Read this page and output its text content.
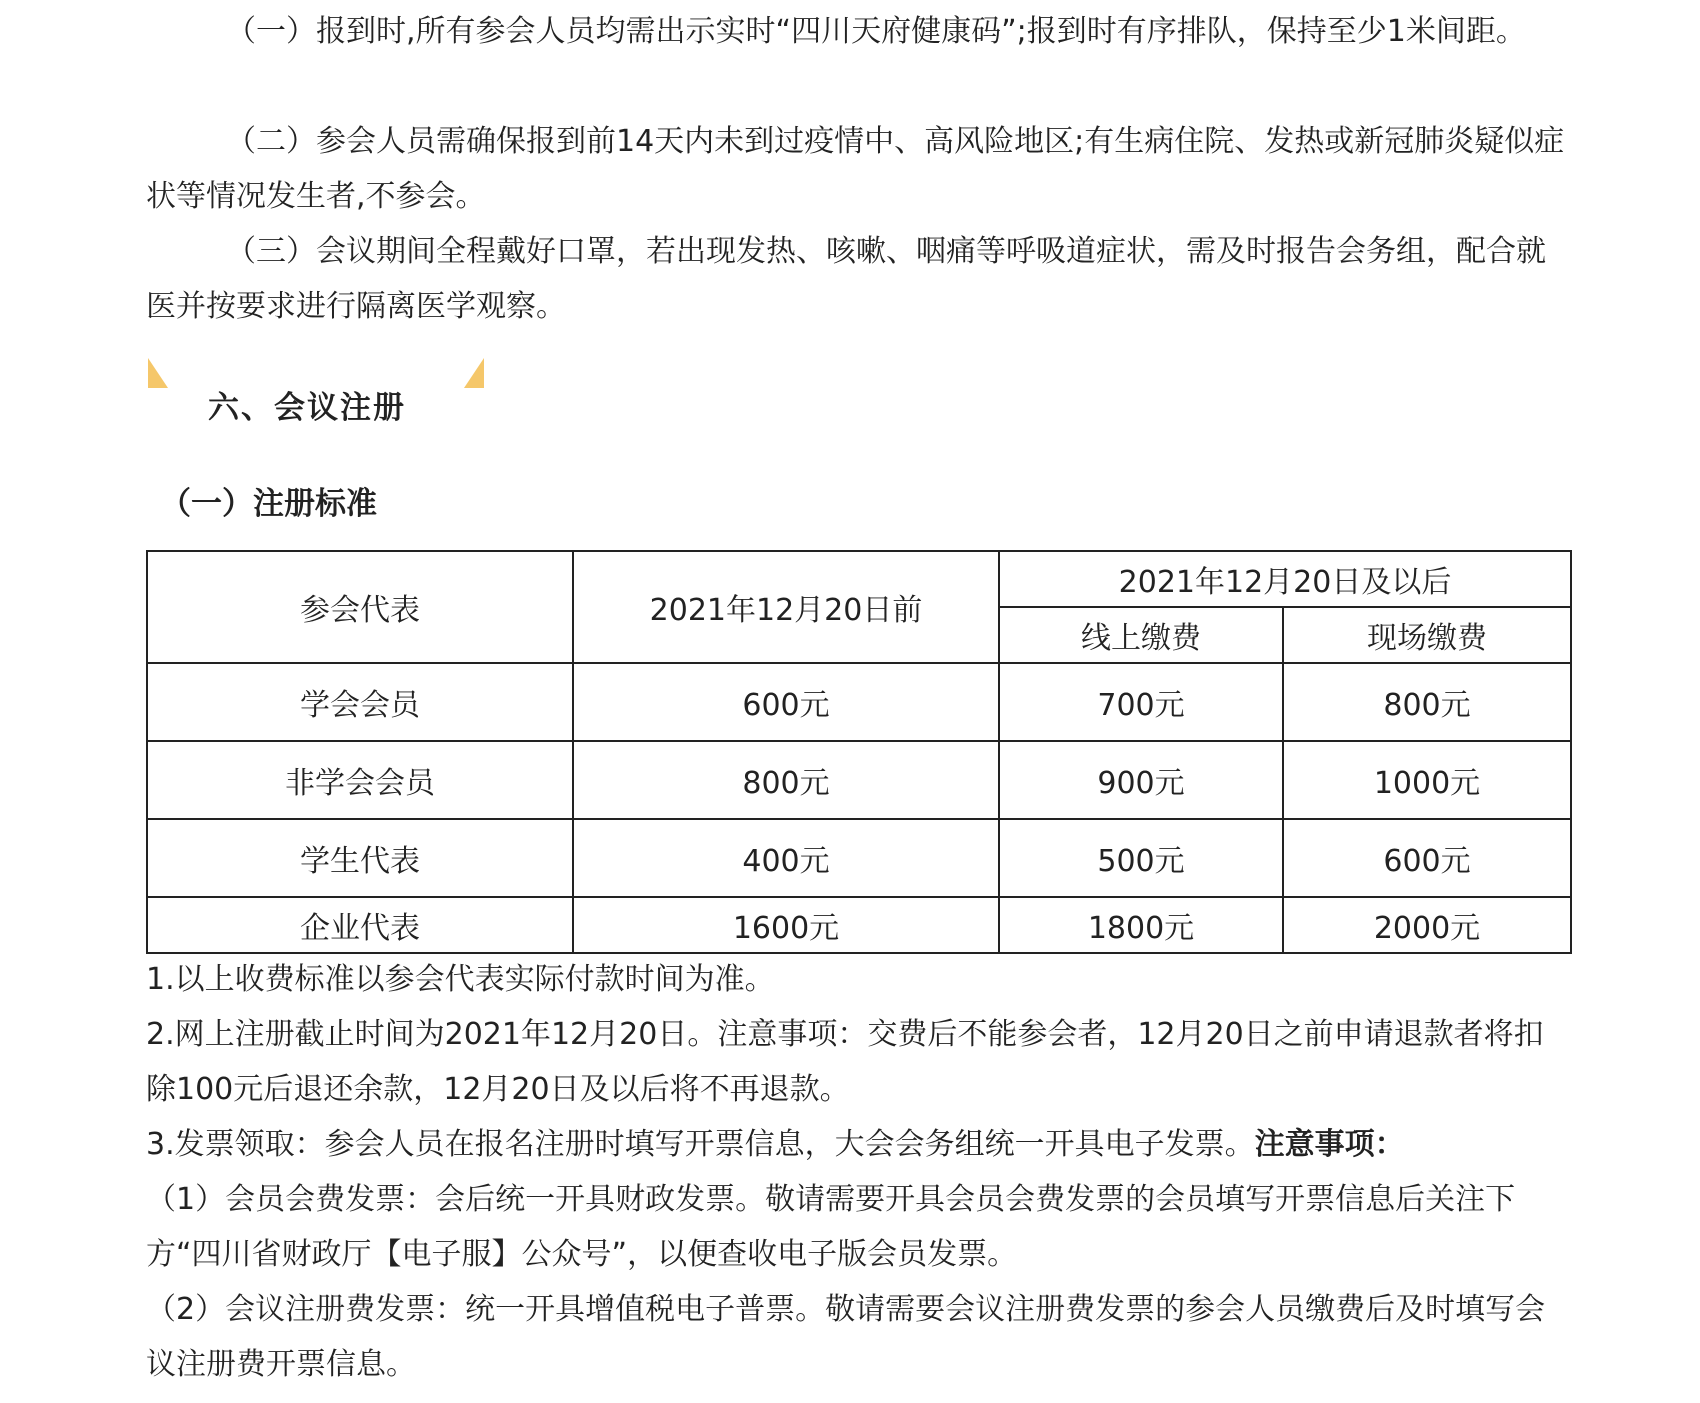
（一）报到时,所有参会人员均需出示实时“四川天府健康码”;报到时有序排队，保持至少1米间距。

（二）参会人员需确保报到前14天内未到过疫情中、高风险地区;有生病住院、发热或新冠肺炎疑似症状等情况发生者,不参会。

（三）会议期间全程戴好口罩，若出现发热、咳嗽、咽痛等呼吸道症状，需及时报告会务组，配合就医并按要求进行隔离医学观察。

六、会议注册
（一）注册标准
参会代表	2021年12月20日前	2021年12月20日及以后	
		线上缴费	现场缴费
学会会员	600元	700元	800元
非学会会员	800元	900元	1000元
学生代表	400元	500元	600元
企业代表	1600元	1800元	2000元

1.以上收费标准以参会代表实际付款时间为准。

2.网上注册截止时间为2021年12月20日。注意事项：交费后不能参会者，12月20日之前申请退款者将扣除100元后退还余款，12月20日及以后将不再退款。

3.发票领取：参会人员在报名注册时填写开票信息，大会会务组统一开具电子发票。注意事项：

（1）会员会费发票：会后统一开具财政发票。敬请需要开具会员会费发票的会员填写开票信息后关注下方“四川省财政厅【电子服】公众号”，以便查收电子版会员发票。

（2）会议注册费发票：统一开具增值税电子普票。敬请需要会议注册费发票的参会人员缴费后及时填写会议注册费开票信息。
